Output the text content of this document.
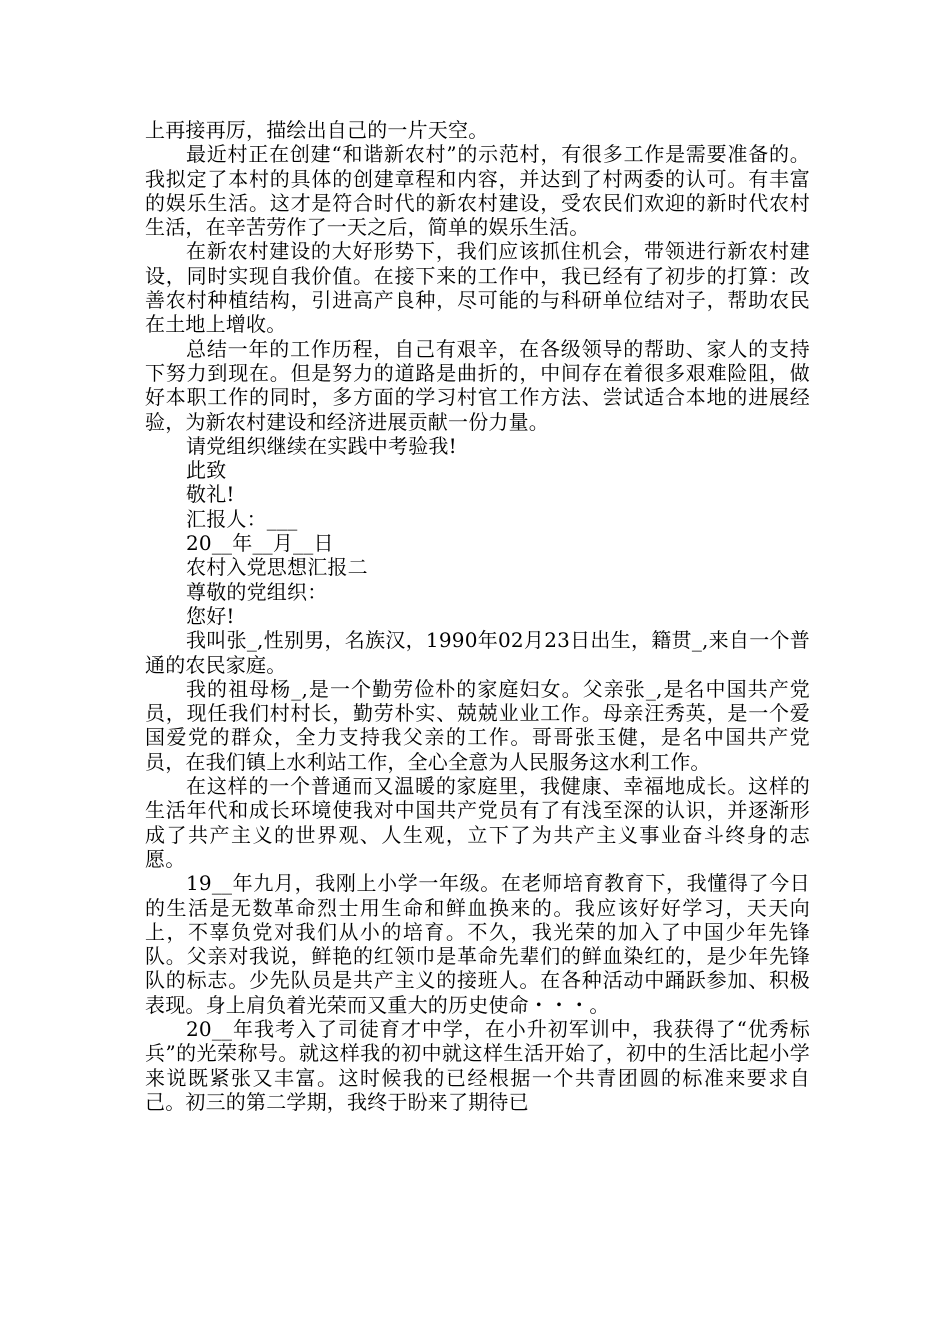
上再接再厉，描绘出自己的一片天空。

最近村正在创建“和谐新农村”的示范村，有很多工作是需要准备的。我拟定了本村的具体的创建章程和内容，并达到了村两委的认可。有丰富的娱乐生活。这才是符合时代的新农村建设，受农民们欢迎的新时代农村生活，在辛苦劳作了一天之后，简单的娱乐生活。

在新农村建设的大好形势下，我们应该抓住机会，带领进行新农村建设，同时实现自我价值。在接下来的工作中，我已经有了初步的打算：改善农村种植结构，引进高产良种，尽可能的与科研单位结对子，帮助农民在土地上增收。

总结一年的工作历程，自己有艰辛，在各级领导的帮助、家人的支持下努力到现在。但是努力的道路是曲折的，中间存在着很多艰难险阻，做好本职工作的同时，多方面的学习村官工作方法、尝试适合本地的进展经验，为新农村建设和经济进展贡献一份力量。

请党组织继续在实践中考验我!

此致

敬礼!

汇报人：___

20__年__月__日

农村入党思想汇报二

尊敬的党组织：

您好!

我叫张_,性别男，名族汉，1990年02月23日出生，籍贯_,来自一个普通的农民家庭。

我的祖母杨_,是一个勤劳俭朴的家庭妇女。父亲张_,是名中国共产党员，现任我们村村长，勤劳朴实、兢兢业业工作。母亲汪秀英，是一个爱国爱党的群众，全力支持我父亲的工作。哥哥张玉健，是名中国共产党员，在我们镇上水利站工作，全心全意为人民服务这水利工作。

在这样的一个普通而又温暖的家庭里，我健康、幸福地成长。这样的生活年代和成长环境使我对中国共产党员有了有浅至深的认识，并逐渐形成了共产主义的世界观、人生观，立下了为共产主义事业奋斗终身的志愿。

19__年九月，我刚上小学一年级。在老师培育教育下，我懂得了今日的生活是无数革命烈士用生命和鲜血换来的。我应该好好学习，天天向上，不辜负党对我们从小的培育。不久，我光荣的加入了中国少年先锋队。父亲对我说，鲜艳的红领巾是革命先辈们的鲜血染红的，是少年先锋队的标志。少先队员是共产主义的接班人。在各种活动中踊跃参加、积极表现。身上肩负着光荣而又重大的历史使命・・・。

20__年我考入了司徒育才中学，在小升初军训中，我获得了“优秀标兵”的光荣称号。就这样我的初中就这样生活开始了，初中的生活比起小学来说既紧张又丰富。这时候我的已经根据一个共青团圆的标准来要求自己。初三的第二学期，我终于盼来了期待已
